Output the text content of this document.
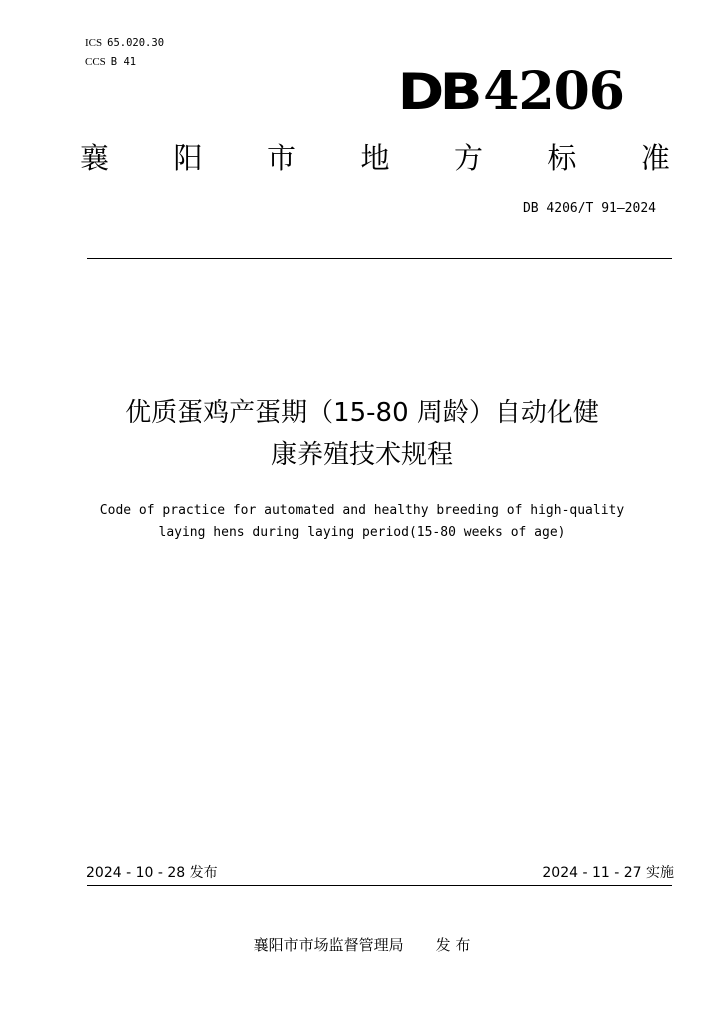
ICS 65.020.30
CCS B 41
DB 4206
襄 阳 市 地 方 标 准
DB 4206/T 91—2024
优质蛋鸡产蛋期（15-80 周龄）自动化健
康养殖技术规程
Code of practice for automated and healthy breeding of high-quality
laying hens during laying period(15-80 weeks of age)
2024 - 10 - 28 发布	2024 - 11 - 27 实施
襄阳市市场监督管理局 发 布
